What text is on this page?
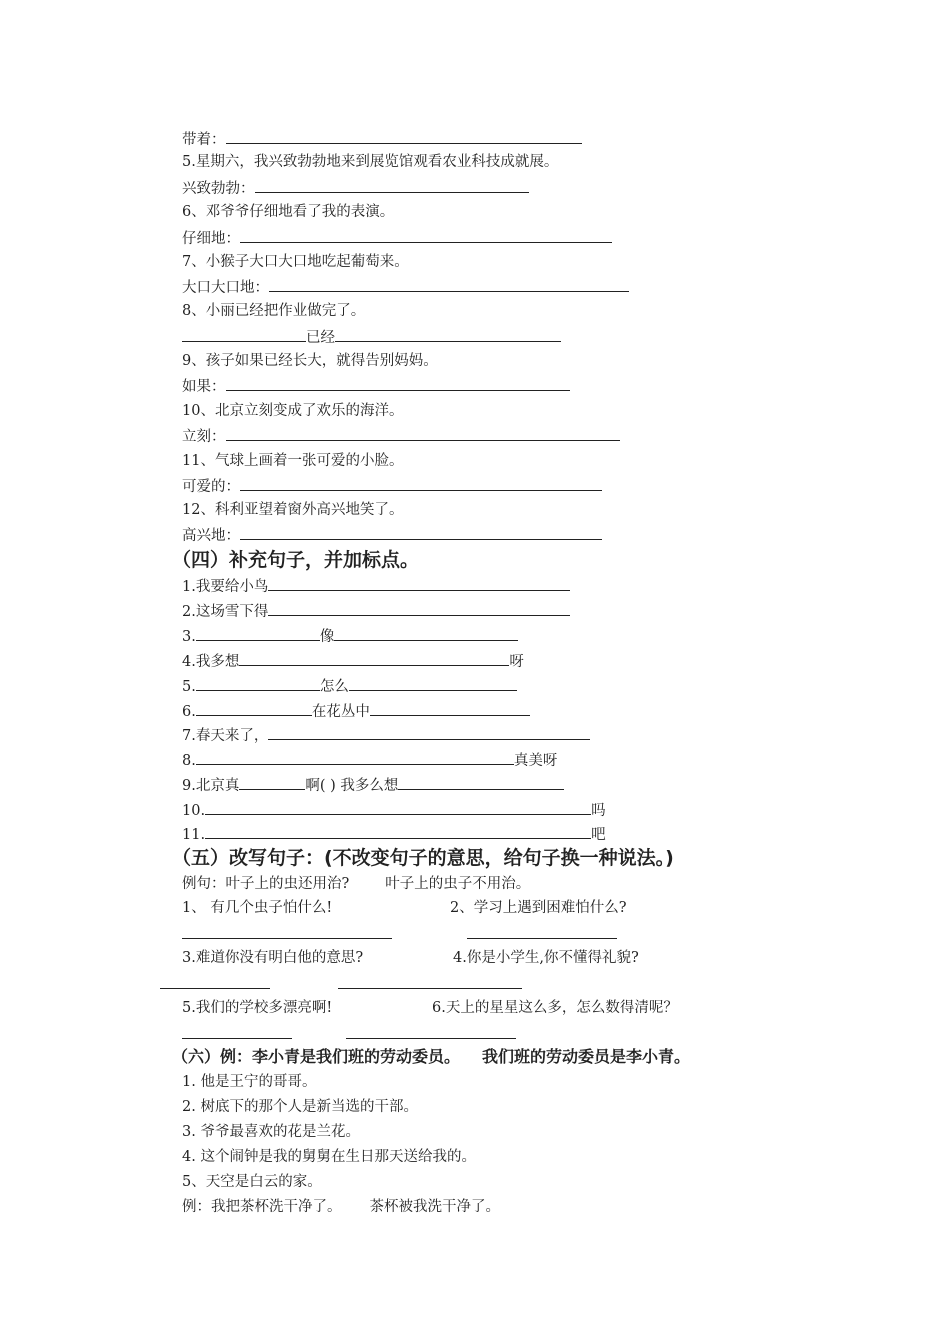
带着：
5.星期六，我兴致勃勃地来到展览馆观看农业科技成就展。
兴致勃勃：
6、邓爷爷仔细地看了我的表演。
仔细地：
7、小猴子大口大口地吃起葡萄来。
大口大口地：
8、小丽已经把作业做完了。
已经
9、孩子如果已经长大，就得告别妈妈。
如果：
10、北京立刻变成了欢乐的海洋。
立刻：
11、气球上画着一张可爱的小脸。
可爱的：
12、科利亚望着窗外高兴地笑了。
高兴地：
（四）补充句子，并加标点。
1.我要给小鸟
2.这场雪下得
3.	像
4.我多想	呀
5.	怎么
6.	在花丛中
7.春天来了，
8.	真美呀
9.北京真	啊( ) 我多么想
10.	吗
11.	吧
（五）改写句子：(不改变句子的意思，给句子换一种说法。)
例句：叶子上的虫还用治? 叶子上的虫子不用治。
1、 有几个虫子怕什么!	2、学习上遇到困难怕什么?
3.难道你没有明白他的意思?	4.你是小学生,你不懂得礼貌?
5.我们的学校多漂亮啊!	6.天上的星星这么多，怎么数得清呢？
（六）例：李小青是我们班的劳动委员。 我们班的劳动委员是李小青。
1. 他是王宁的哥哥。
2. 树底下的那个人是新当选的干部。
3. 爷爷最喜欢的花是兰花。
4. 这个闹钟是我的舅舅在生日那天送给我的。
5、天空是白云的家。
例：我把茶杯洗干净了。 茶杯被我洗干净了。
